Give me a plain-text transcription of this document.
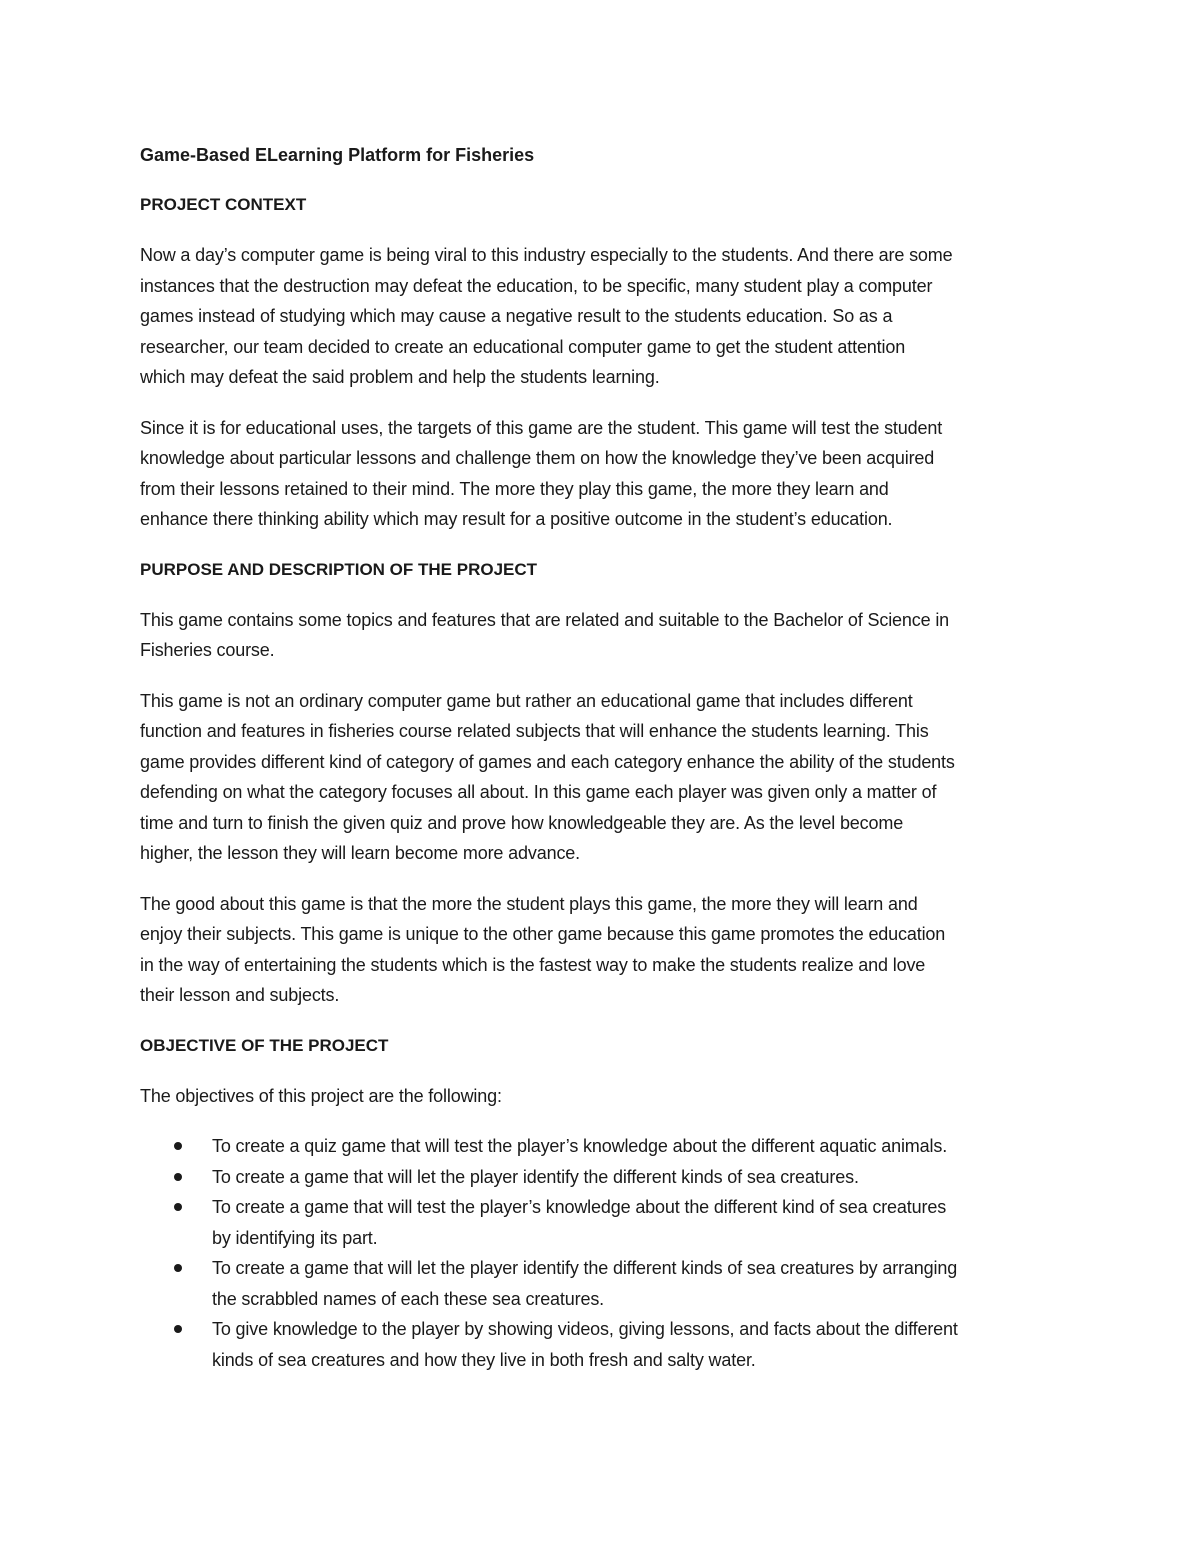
Game-Based ELearning Platform for Fisheries
PROJECT CONTEXT
Now a day’s computer game is being viral to this industry especially to the students. And there are some
instances that the destruction may defeat the education, to be specific, many student play a computer
games instead of studying which may cause a negative result to the students education. So as a
researcher, our team decided to create an educational computer game to get the student attention
which may defeat the said problem and help the students learning.
Since it is for educational uses, the targets of this game are the student. This game will test the student
knowledge about particular lessons and challenge them on how the knowledge they’ve been acquired
from their lessons retained to their mind. The more they play this game, the more they learn and
enhance there thinking ability which may result for a positive outcome in the student’s education.
PURPOSE AND DESCRIPTION OF THE PROJECT
This game contains some topics and features that are related and suitable to the Bachelor of Science in
Fisheries course.
This game is not an ordinary computer game but rather an educational game that includes different
function and features in fisheries course related subjects that will enhance the students learning. This
game provides different kind of category of games and each category enhance the ability of the students
defending on what the category focuses all about. In this game each player was given only a matter of
time and turn to finish the given quiz and prove how knowledgeable they are. As the level become
higher, the lesson they will learn become more advance.
The good about this game is that the more the student plays this game, the more they will learn and
enjoy their subjects. This game is unique to the other game because this game promotes the education
in the way of entertaining the students which is the fastest way to make the students realize and love
their lesson and subjects.
OBJECTIVE OF THE PROJECT
The objectives of this project are the following:
To create a quiz game that will test the player’s knowledge about the different aquatic animals.
To create a game that will let the player identify the different kinds of sea creatures.
To create a game that will test the player’s knowledge about the different kind of sea creatures
by identifying its part.
To create a game that will let the player identify the different kinds of sea creatures by arranging
the scrabbled names of each these sea creatures.
To give knowledge to the player by showing videos, giving lessons, and facts about the different
kinds of sea creatures and how they live in both fresh and salty water.
